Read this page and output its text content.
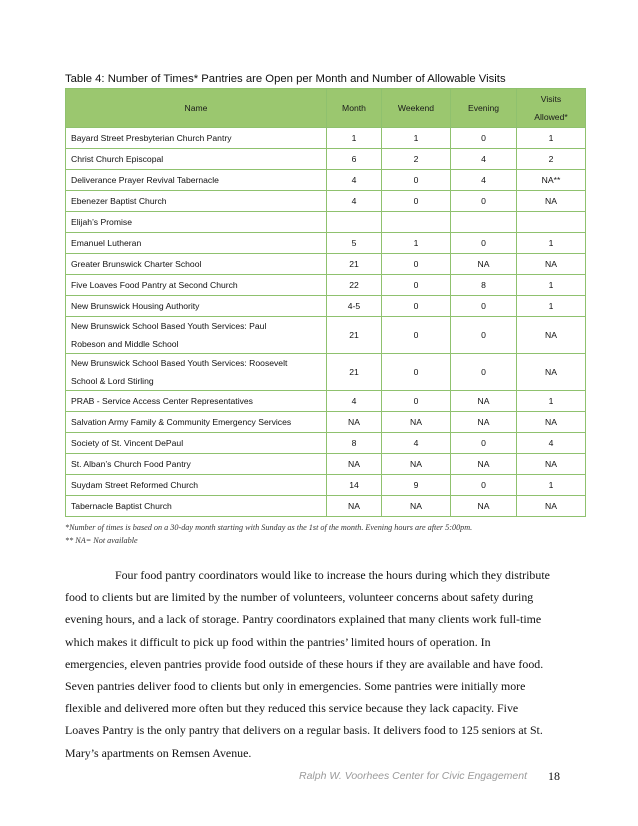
Table 4: Number of Times* Pantries are Open per Month and Number of Allowable Visits
Name	Month	Weekend	Evening	Visits
Allowed*

Bayard Street Presbyterian Church Pantry	1	1	0	1
Christ Church Episcopal	6	2	4	2
Deliverance Prayer Revival Tabernacle	4	0	4	NA**
Ebenezer Baptist Church	4	0	0	NA
Elijah’s Promise				
Emanuel Lutheran	5	1	0	1
Greater Brunswick Charter School	21	0	NA	NA
Five Loaves Food Pantry at Second Church	22	0	8	1
New Brunswick Housing Authority	4-5	0	0	1

New Brunswick School Based Youth Services: Paul
Robeson and Middle School	21	0	0	NA

New Brunswick School Based Youth Services: Roosevelt
School & Lord Stirling	21	0	0	NA
PRAB - Service Access Center Representatives	4	0	NA	1
Salvation Army Family & Community Emergency Services	NA	NA	NA	NA
Society of St. Vincent DePaul	8	4	0	4
St. Alban’s Church Food Pantry	NA	NA	NA	NA
Suydam Street Reformed Church	14	9	0	1
Tabernacle Baptist Church	NA	NA	NA	NA
*Number of times is based on a 30-day month starting with Sunday as the 1st of the month. Evening hours are after 5:00pm.
** NA= Not available
Four food pantry coordinators would like to increase the hours during which they distribute
food to clients but are limited by the number of volunteers, volunteer concerns about safety during
evening hours, and a lack of storage. Pantry coordinators explained that many clients work full-time
which makes it difficult to pick up food within the pantries’ limited hours of operation. In
emergencies, eleven pantries provide food outside of these hours if they are available and have food.
Seven pantries deliver food to clients but only in emergencies. Some pantries were initially more
flexible and delivered more often but they reduced this service because they lack capacity. Five
Loaves Pantry is the only pantry that delivers on a regular basis. It delivers food to 125 seniors at St.
Mary’s apartments on Remsen Avenue.
Ralph W. Voorhees Center for Civic Engagement 18
